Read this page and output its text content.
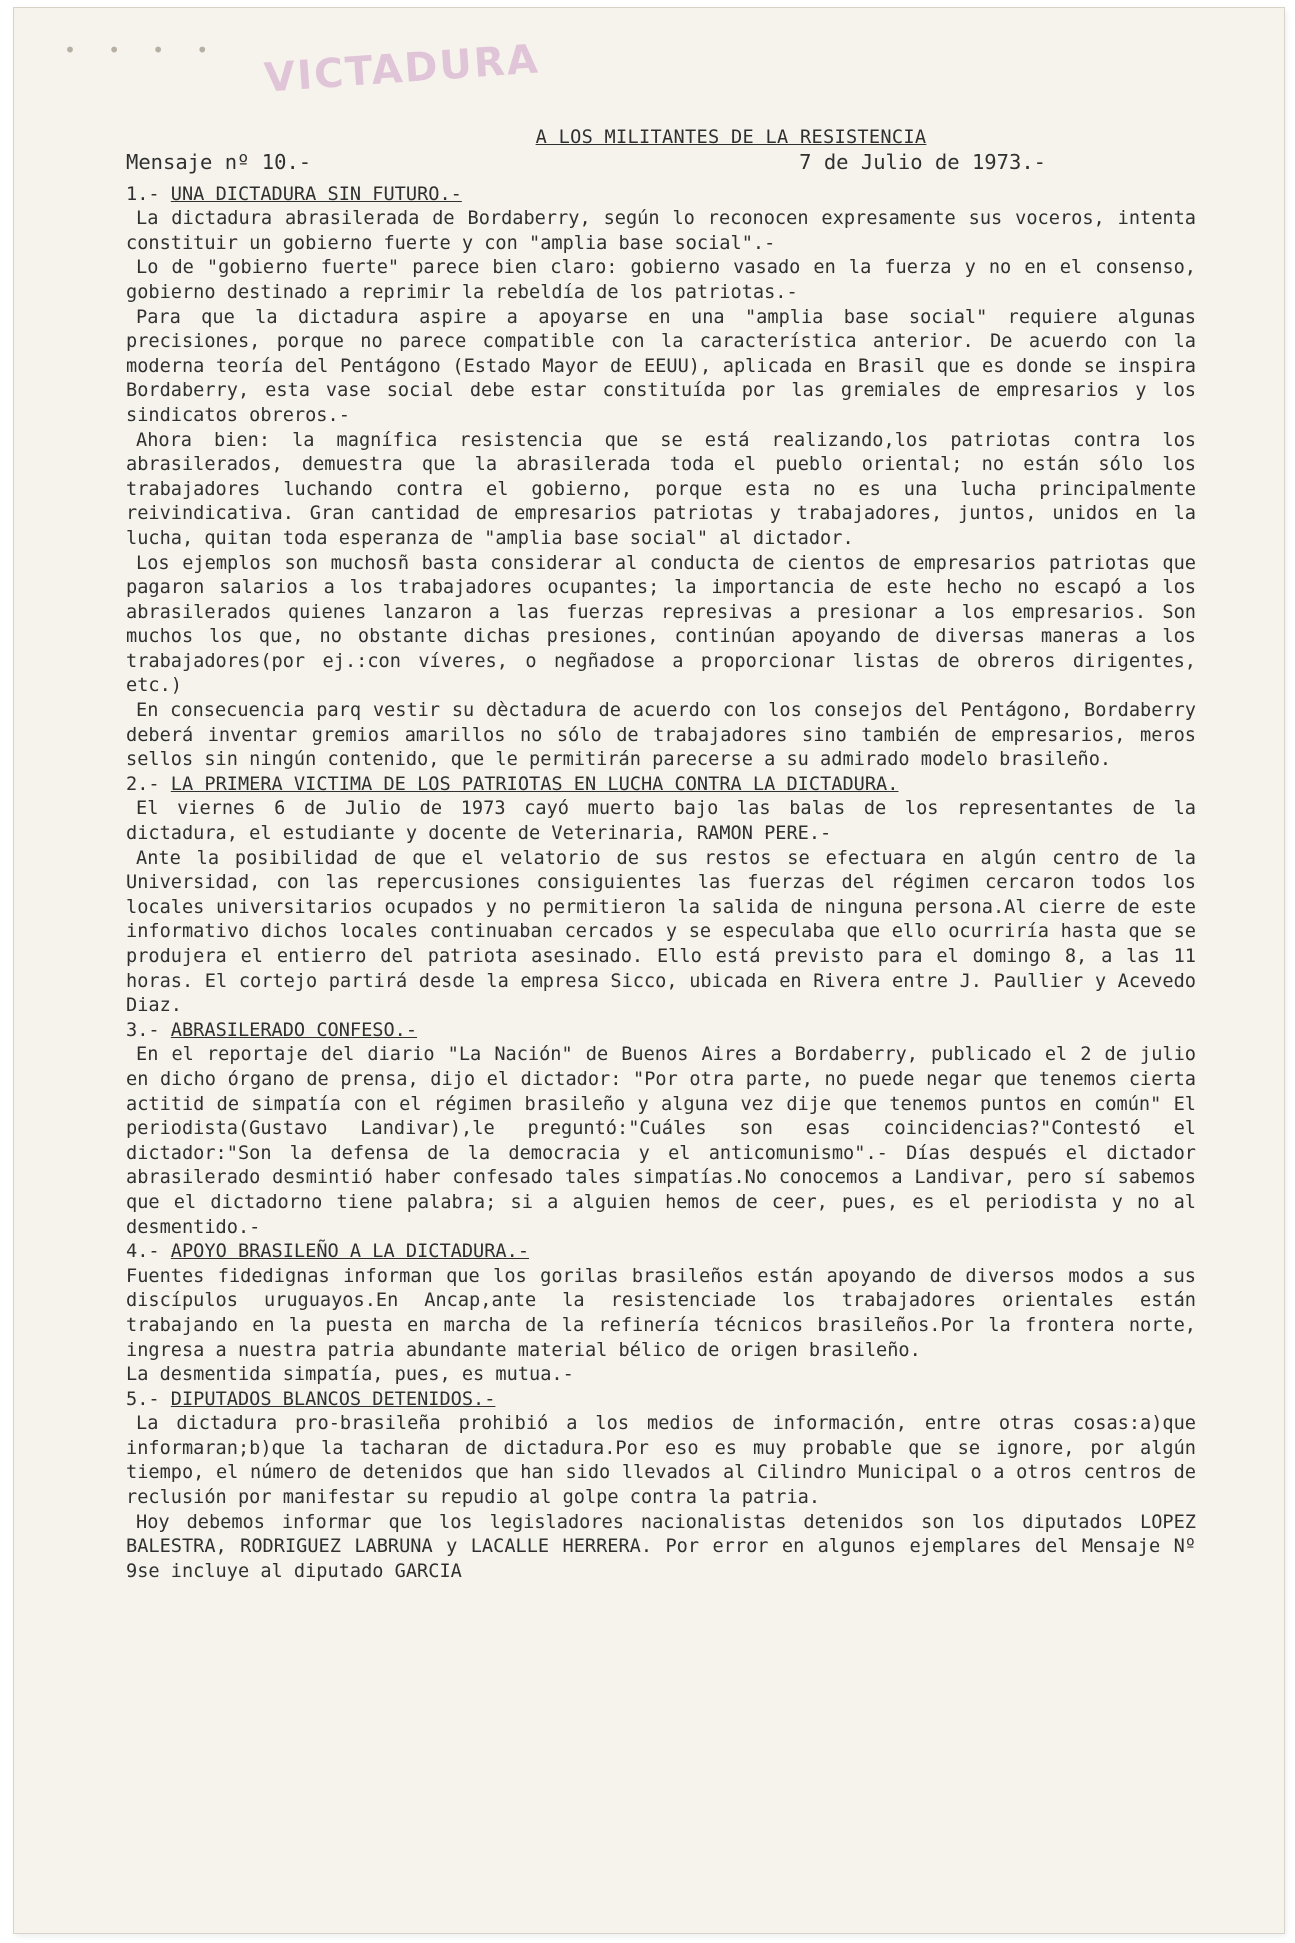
• • • • VICTADURA
A LOS MILITANTES DE LA RESISTENCIA
Mensaje nº 10.-	7 de Julio de 1973.-
1.- UNA DICTADURA SIN FUTURO.-

La dictadura abrasilerada de Bordaberry, según lo reconocen expresamente sus voceros, intenta constituir un gobierno fuerte y con "amplia base social".-

Lo de "gobierno fuerte" parece bien claro: gobierno vasado en la fuerza y no en el consenso, gobierno destinado a reprimir la rebeldía de los patriotas.-

Para que la dictadura aspire a apoyarse en una "amplia base social" requiere algunas precisiones, porque no parece compatible con la característica anterior. De acuerdo con la moderna teoría del Pentágono (Estado Mayor de EEUU), aplicada en Brasil que es donde se inspira Bordaberry, esta vase social debe estar constituída por las gremiales de empresarios y los sindicatos obreros.-

Ahora bien: la magnífica resistencia que se está realizando,los patriotas contra los abrasilerados, demuestra que la abrasilerada toda el pueblo oriental; no están sólo los trabajadores luchando contra el gobierno, porque esta no es una lucha principalmente reivindicativa. Gran cantidad de empresarios patriotas y trabajadores, juntos, unidos en la lucha, quitan toda esperanza de "amplia base social" al dictador.

Los ejemplos son muchosñ basta considerar al conducta de cientos de empresarios patriotas que pagaron salarios a los trabajadores ocupantes; la importancia de este hecho no escapó a los abrasilerados quienes lanzaron a las fuerzas represivas a presionar a los empresarios. Son muchos los que, no obstante dichas presiones, continúan apoyando de diversas maneras a los trabajadores(por ej.:con víveres, o negñadose a proporcionar listas de obreros dirigentes, etc.)

En consecuencia parq vestir su dèctadura de acuerdo con los consejos del Pentágono, Bordaberry deberá inventar gremios amarillos no sólo de trabajadores sino también de empresarios, meros sellos sin ningún contenido, que le permitirán parecerse a su admirado modelo brasileño.

2.- LA PRIMERA VICTIMA DE LOS PATRIOTAS EN LUCHA CONTRA LA DICTADURA.

El viernes 6 de Julio de 1973 cayó muerto bajo las balas de los representantes de la dictadura, el estudiante y docente de Veterinaria, RAMON PERE.-

Ante la posibilidad de que el velatorio de sus restos se efectuara en algún centro de la Universidad, con las repercusiones consiguientes las fuerzas del régimen cercaron todos los locales universitarios ocupados y no permitieron la salida de ninguna persona.Al cierre de este informativo dichos locales continuaban cercados y se especulaba que ello ocurriría hasta que se produjera el entierro del patriota asesinado. Ello está previsto para el domingo 8, a las 11 horas. El cortejo partirá desde la empresa Sicco, ubicada en Rivera entre J. Paullier y Acevedo Diaz.

3.- ABRASILERADO CONFESO.-

En el reportaje del diario "La Nación" de Buenos Aires a Bordaberry, publicado el 2 de julio en dicho órgano de prensa, dijo el dictador: "Por otra parte, no puede negar que tenemos cierta actitid de simpatía con el régimen brasileño y alguna vez dije que tenemos puntos en común" El periodista(Gustavo Landivar),le preguntó:"Cuáles son esas coincidencias?"Contestó el dictador:"Son la defensa de la democracia y el anticomunismo".- Días después el dictador abrasilerado desmintió haber confesado tales simpatías.No conocemos a Landivar, pero sí sabemos que el dictadorno tiene palabra; si a alguien hemos de ceer, pues, es el periodista y no al desmentido.-

4.- APOYO BRASILEÑO A LA DICTADURA.-

Fuentes fidedignas informan que los gorilas brasileños están apoyando de diversos modos a sus discípulos uruguayos.En Ancap,ante la resistenciade los trabajadores orientales están trabajando en la puesta en marcha de la refinería técnicos brasileños.Por la frontera norte, ingresa a nuestra patria abundante material bélico de origen brasileño.

La desmentida simpatía, pues, es mutua.-

5.- DIPUTADOS BLANCOS DETENIDOS.-

La dictadura pro-brasileña prohibió a los medios de información, entre otras cosas:a)que informaran;b)que la tacharan de dictadura.Por eso es muy probable que se ignore, por algún tiempo, el número de detenidos que han sido llevados al Cilindro Municipal o a otros centros de reclusión por manifestar su repudio al golpe contra la patria.

Hoy debemos informar que los legisladores nacionalistas detenidos son los diputados LOPEZ BALESTRA, RODRIGUEZ LABRUNA y LACALLE HERRERA. Por error en algunos ejemplares del Mensaje Nº 9se incluye al diputado GARCIA
